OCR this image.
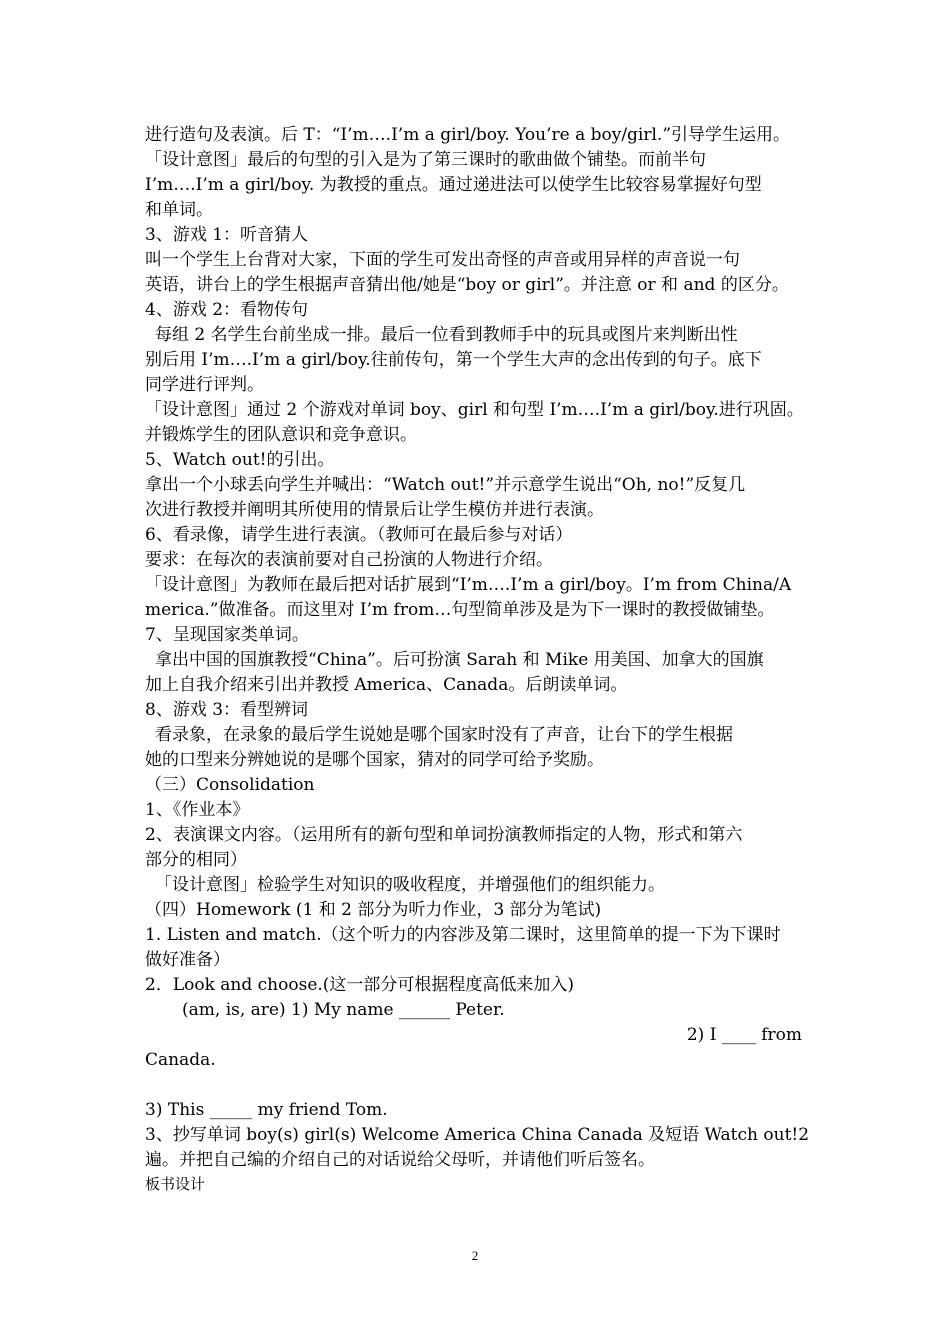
进行造句及表演。后 T：“I’m….I’m a girl/boy. You’re a boy/girl.”引导学生运用。
「设计意图」最后的句型的引入是为了第三课时的歌曲做个铺垫。而前半句
I’m….I’m a girl/boy. 为教授的重点。通过递进法可以使学生比较容易掌握好句型
和单词。
3、游戏 1：听音猜人
叫一个学生上台背对大家，下面的学生可发出奇怪的声音或用异样的声音说一句
英语，讲台上的学生根据声音猜出他/她是“boy or girl”。并注意 or 和 and 的区分。
4、游戏 2：看物传句
每组 2 名学生台前坐成一排。最后一位看到教师手中的玩具或图片来判断出性
别后用 I’m….I’m a girl/boy.往前传句，第一个学生大声的念出传到的句子。底下
同学进行评判。
「设计意图」通过 2 个游戏对单词 boy、girl 和句型 I’m….I’m a girl/boy.进行巩固。
并锻炼学生的团队意识和竞争意识。
5、Watch out!的引出。
拿出一个小球丢向学生并喊出：“Watch out!”并示意学生说出“Oh, no!”反复几
次进行教授并阐明其所使用的情景后让学生模仿并进行表演。
6、看录像，请学生进行表演。（教师可在最后参与对话）
要求：在每次的表演前要对自己扮演的人物进行介绍。
「设计意图」为教师在最后把对话扩展到“I’m….I’m a girl/boy。I’m from China/A
merica.”做准备。而这里对 I’m from…句型简单涉及是为下一课时的教授做铺垫。
7、呈现国家类单词。
拿出中国的国旗教授“China”。后可扮演 Sarah 和 Mike 用美国、加拿大的国旗
加上自我介绍来引出并教授 America、Canada。后朗读单词。
8、游戏 3：看型辨词
看录象，在录象的最后学生说她是哪个国家时没有了声音，让台下的学生根据
她的口型来分辨她说的是哪个国家，猜对的同学可给予奖励。
（三）Consolidation
1、《作业本》
2、表演课文内容。（运用所有的新句型和单词扮演教师指定的人物，形式和第六
部分的相同）
「设计意图」检验学生对知识的吸收程度，并增强他们的组织能力。
（四）Homework (1 和 2 部分为听力作业，3 部分为笔试)
1. Listen and match.（这个听力的内容涉及第二课时，这里简单的提一下为下课时
做好准备）
2．Look and choose.(这一部分可根据程度高低来加入)
(am, is, are) 1) My name ______ Peter.
2) I ____ from
Canada.
3) This _____ my friend Tom.
3、抄写单词 boy(s) girl(s) Welcome America China Canada 及短语 Watch out!2
遍。并把自己编的介绍自己的对话说给父母听，并请他们听后签名。
板书设计
2
